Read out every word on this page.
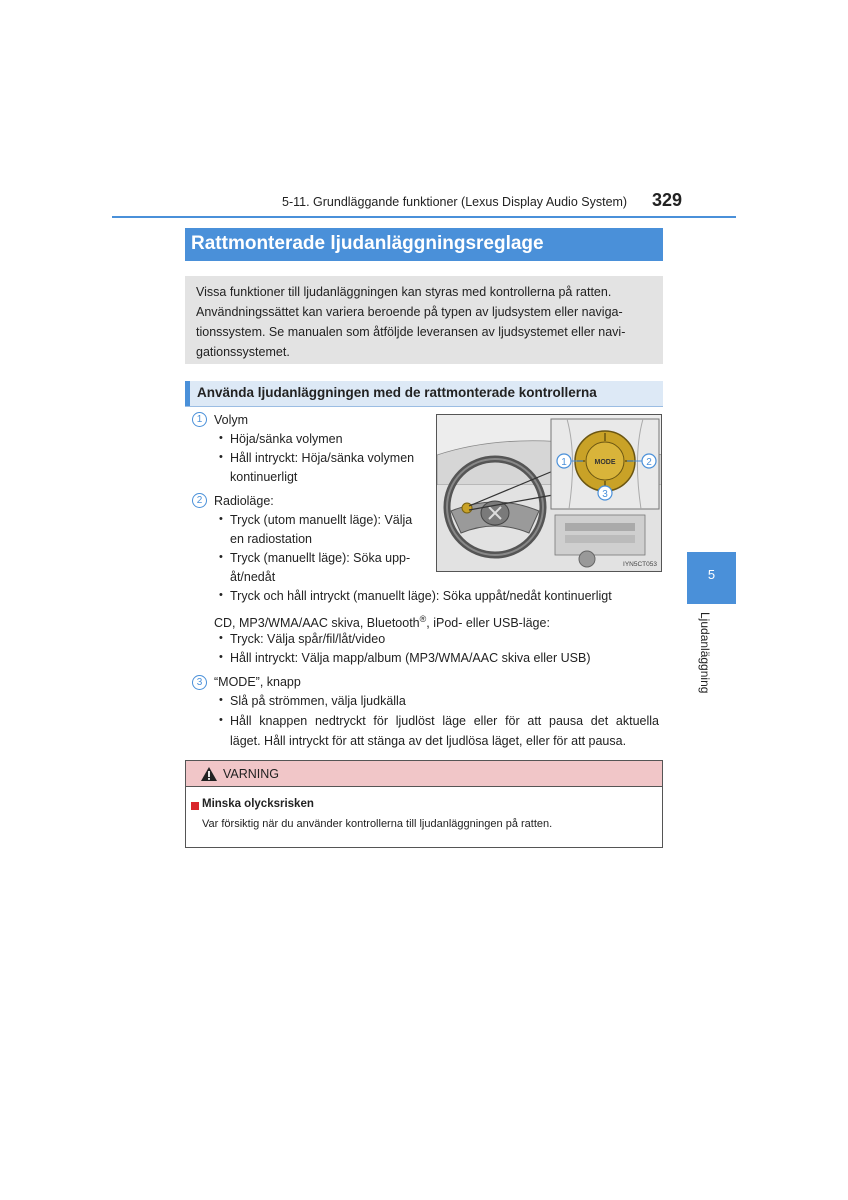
5-11. Grundläggande funktioner (Lexus Display Audio System) 329
5
Ljudanläggning
Rattmonterade ljudanläggningsreglage

Vissa funktioner till ljudanläggningen kan styras med kontrollerna på ratten.

Användningssättet kan variera beroende på typen av ljudsystem eller naviga-

tionssystem. Se manualen som åtföljde leveransen av ljudsystemet eller navi-

gationssystemet.

Använda ljudanläggningen med de rattmonterade kontrollerna
1 Volym
• Höja/sänka volymen
• Håll intryckt: Höja/sänka volymen
kontinuerligt
2 Radioläge:
• Tryck (utom manuellt läge): Välja
en radiostation
• Tryck (manuellt läge): Söka upp-
åt/nedåt
• Tryck och håll intryckt (manuellt läge): Söka uppåt/nedåt kontinuerligt
CD, MP3/WMA/AAC skiva, Bluetooth®, iPod- eller USB-läge:
• Tryck: Välja spår/fil/låt/video
• Håll intryckt: Välja mapp/album (MP3/WMA/AAC skiva eller USB)
3 “MODE”, knapp
• Slå på strömmen, välja ljudkälla
• Håll knappen nedtryckt för ljudlöst läge eller för att pausa det aktuella
läget. Håll intryckt för att stänga av det ljudlösa läget, eller för att pausa.
MODE
1	2
3
IYN5CT053
VARNING
Minska olycksrisken
Var försiktig när du använder kontrollerna till ljudanläggningen på ratten.
